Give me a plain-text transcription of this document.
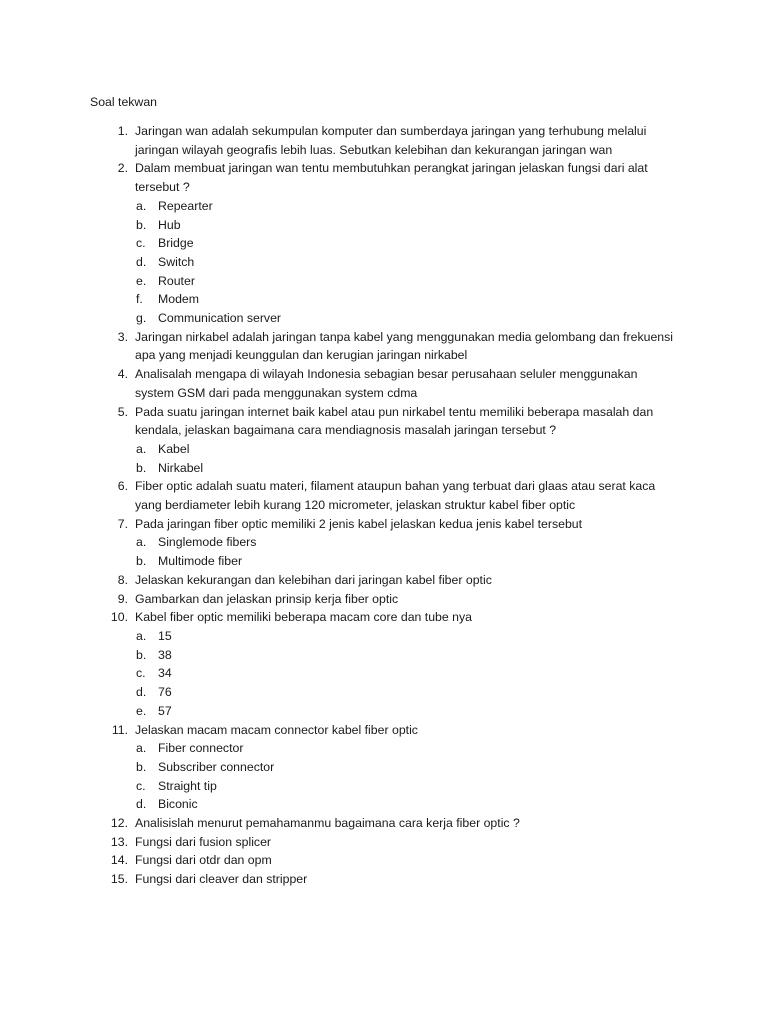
Soal tekwan
1. Jaringan wan adalah sekumpulan komputer dan sumberdaya jaringan yang terhubung melalui jaringan wilayah geografis lebih luas. Sebutkan kelebihan dan kekurangan jaringan wan
2. Dalam membuat jaringan wan tentu membutuhkan perangkat jaringan jelaskan fungsi dari alat tersebut ?
a. Repearter
b. Hub
c. Bridge
d. Switch
e. Router
f. Modem
g. Communication server
3. Jaringan nirkabel adalah jaringan tanpa kabel yang menggunakan media gelombang dan frekuensi apa yang menjadi keunggulan dan kerugian jaringan nirkabel
4. Analisalah mengapa di wilayah Indonesia sebagian besar perusahaan seluler menggunakan system GSM dari pada menggunakan system cdma
5. Pada suatu jaringan internet baik kabel atau pun nirkabel tentu memiliki beberapa masalah dan kendala, jelaskan bagaimana cara mendiagnosis masalah jaringan tersebut ?
a. Kabel
b. Nirkabel
6. Fiber optic adalah suatu materi, filament ataupun bahan yang terbuat dari glaas atau serat kaca yang berdiameter lebih kurang 120 micrometer, jelaskan struktur kabel fiber optic
7. Pada jaringan fiber optic memiliki 2 jenis kabel jelaskan kedua jenis kabel tersebut
a. Singlemode fibers
b. Multimode fiber
8. Jelaskan kekurangan dan kelebihan dari jaringan kabel fiber optic
9. Gambarkan dan jelaskan prinsip kerja fiber optic
10. Kabel fiber optic memiliki beberapa macam core dan tube nya
a. 15
b. 38
c. 34
d. 76
e. 57
11. Jelaskan macam macam connector kabel fiber optic
a. Fiber connector
b. Subscriber connector
c. Straight tip
d. Biconic
12. Analisislah menurut pemahamanmu bagaimana cara kerja fiber optic ?
13. Fungsi dari fusion splicer
14. Fungsi dari otdr dan opm
15. Fungsi dari cleaver dan stripper
